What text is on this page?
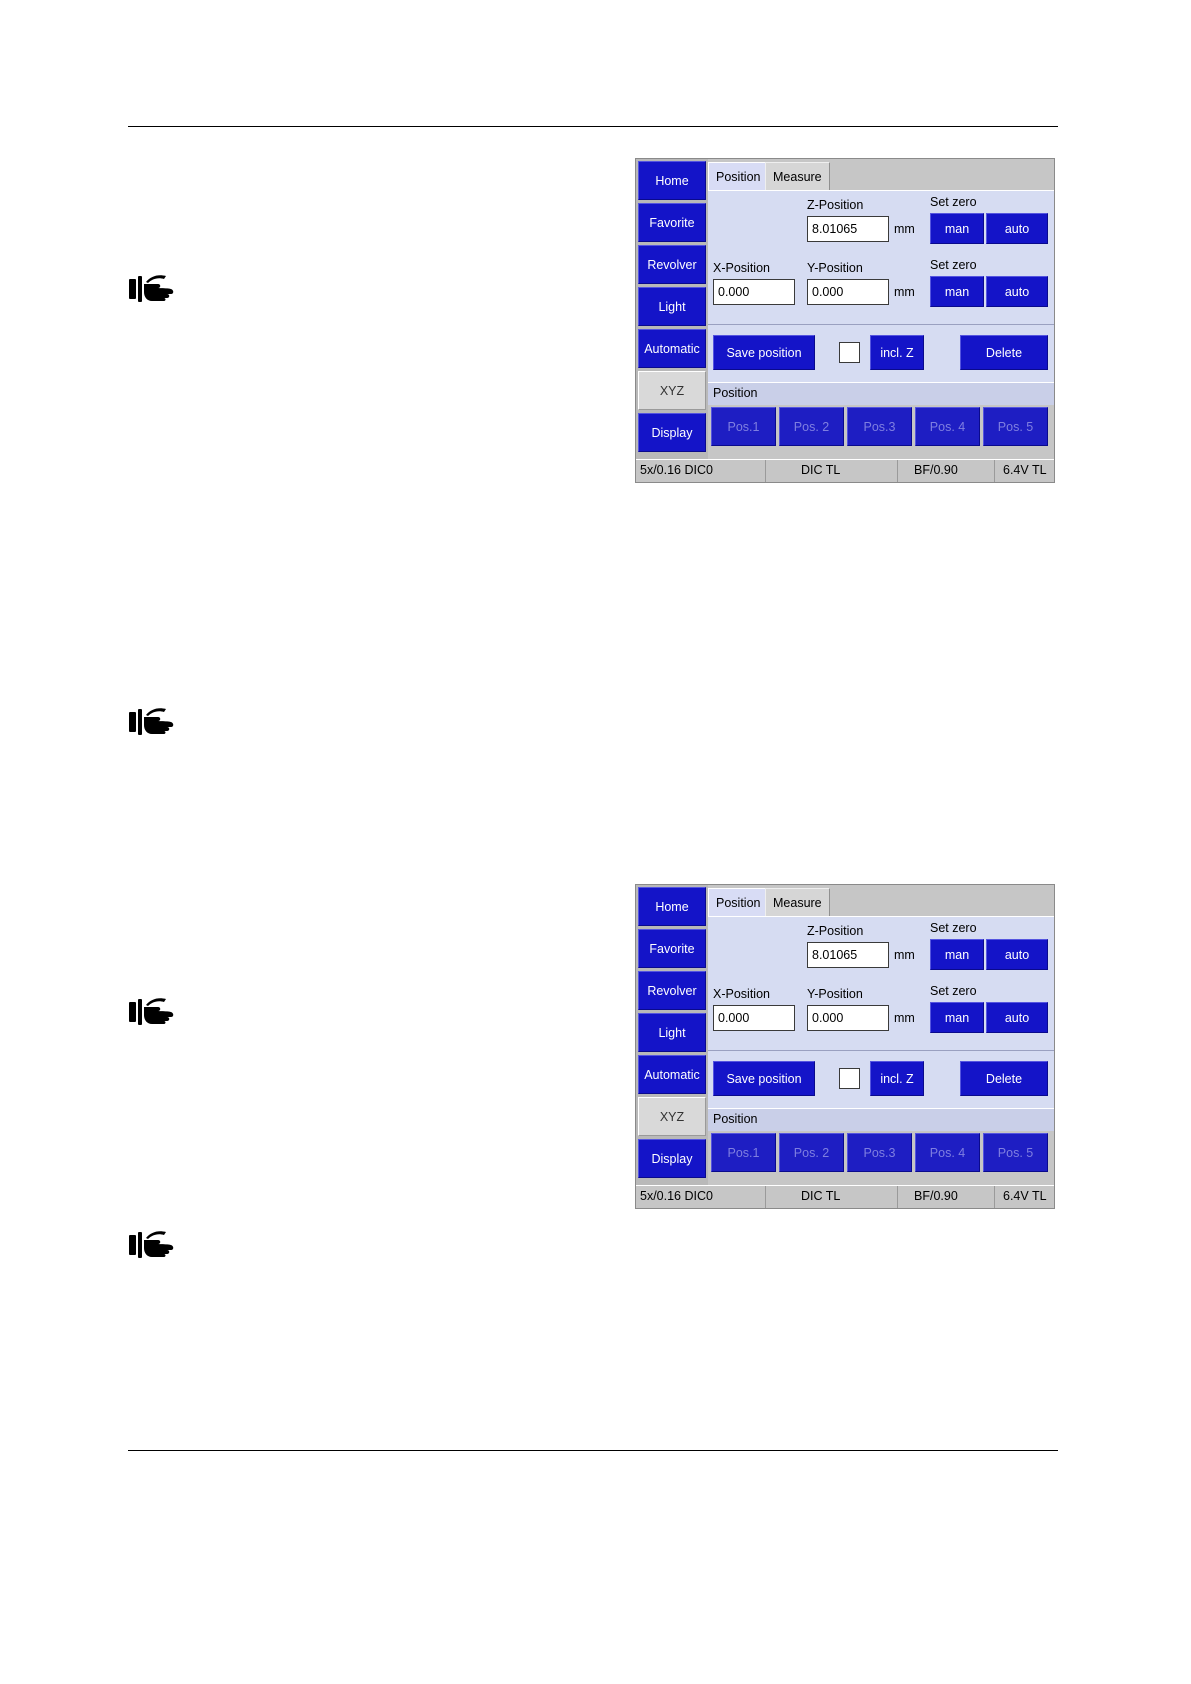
Home
Favorite
Revolver
Light
Automatic
XYZ
Display
Position Measure
Z-Position
8.01065	mm
Set zero
man	auto
X-Position
0.000
Y-Position
0.000	mm
Set zero
man	auto
Save position	incl. Z	Delete
Position
Pos.1	Pos. 2	Pos.3	Pos. 4	Pos. 5
5x/0.16 DIC0	DIC TL	BF/0.90	6.4V TL
Home
Favorite
Revolver
Light
Automatic
XYZ
Display
Position Measure
Z-Position
8.01065	mm
Set zero
man	auto
X-Position
0.000
Y-Position
0.000	mm
Set zero
man	auto
Save position	incl. Z	Delete
Position
Pos.1	Pos. 2	Pos.3	Pos. 4	Pos. 5
5x/0.16 DIC0	DIC TL	BF/0.90	6.4V TL
